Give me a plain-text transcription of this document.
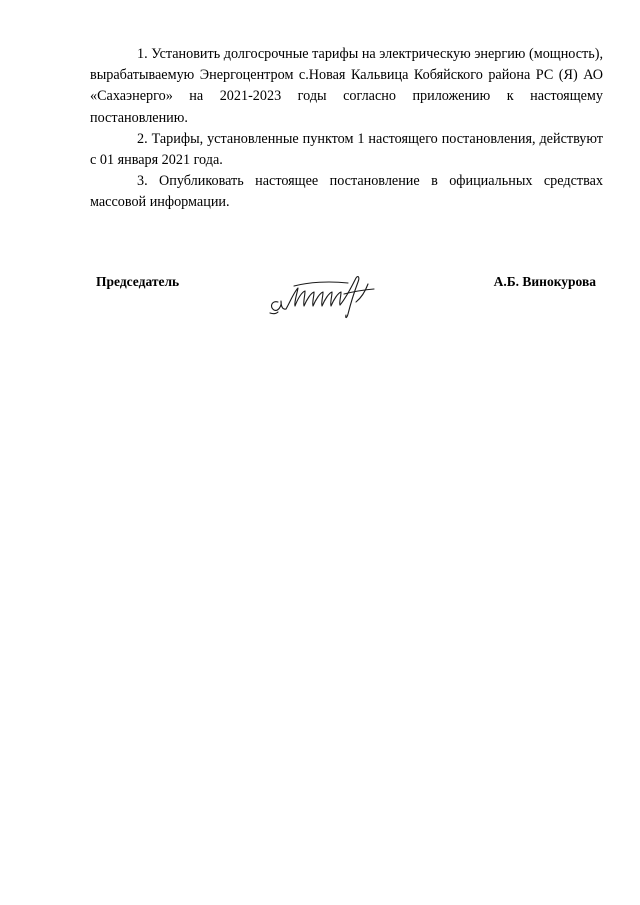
1. Установить долгосрочные тарифы на электрическую энергию (мощность), вырабатываемую Энергоцентром с.Новая Кальвица Кобяйского района РС (Я) АО «Сахаэнерго» на 2021-2023 годы согласно приложению к настоящему постановлению.

2. Тарифы, установленные пунктом 1 настоящего постановления, действуют с 01 января 2021 года.

3. Опубликовать настоящее постановление в официальных средствах массовой информации.

Председатель	А.Б. Винокурова
